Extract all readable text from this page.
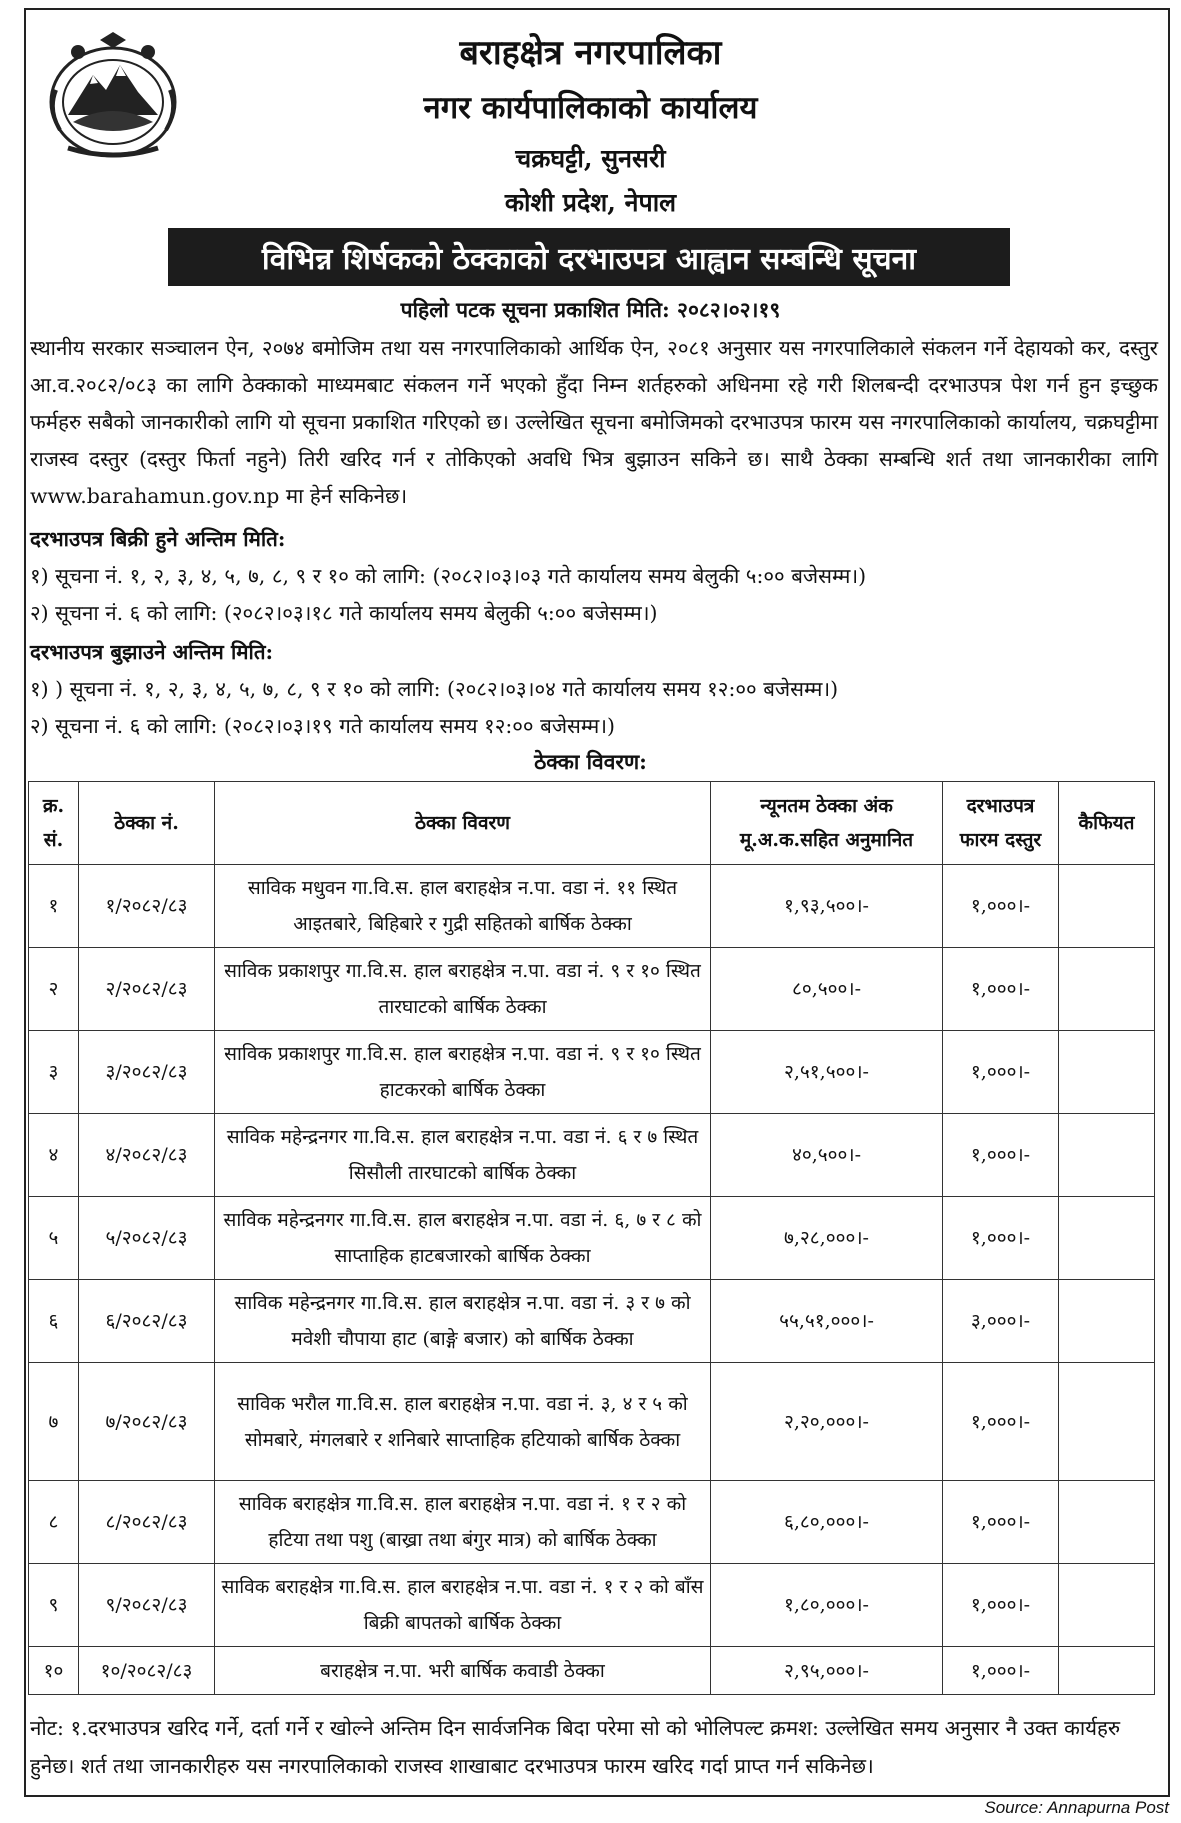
बराहक्षेत्र नगरपालिका
नगर कार्यपालिकाको कार्यालय
चक्रघट्टी, सुनसरी
कोशी प्रदेश, नेपाल
विभिन्न शिर्षकको ठेक्काको दरभाउपत्र आह्वान सम्बन्धि सूचना
पहिलो पटक सूचना प्रकाशित मिति: २०८२।०२।१९
स्थानीय सरकार सञ्चालन ऐन, २०७४ बमोजिम तथा यस नगरपालिकाको आर्थिक ऐन, २०८१ अनुसार यस नगरपालिकाले संकलन गर्ने देहायको कर, दस्तुर आ.व.२०८२/०८३ का लागि ठेक्काको माध्यमबाट संकलन गर्ने भएको हुँदा निम्न शर्तहरुको अधिनमा रहे गरी शिलबन्दी दरभाउपत्र पेश गर्न हुन इच्छुक फर्महरु सबैको जानकारीको लागि यो सूचना प्रकाशित गरिएको छ। उल्लेखित सूचना बमोजिमको दरभाउपत्र फारम यस नगरपालिकाको कार्यालय, चक्रघट्टीमा राजस्व दस्तुर (दस्तुर फिर्ता नहुने) तिरी खरिद गर्न र तोकिएको अवधि भित्र बुझाउन सकिने छ। साथै ठेक्का सम्बन्धि शर्त तथा जानकारीका लागि www.barahamun.gov.np मा हेर्न सकिनेछ।
दरभाउपत्र बिक्री हुने अन्तिम मिति:
१) सूचना नं. १, २, ३, ४, ५, ७, ८, ९ र १० को लागि: (२०८२।०३।०३ गते कार्यालय समय बेलुकी ५:०० बजेसम्म।)
२) सूचना नं. ६ को लागि: (२०८२।०३।१८ गते कार्यालय समय बेलुकी ५:०० बजेसम्म।)
दरभाउपत्र बुझाउने अन्तिम मिति:
१) ) सूचना नं. १, २, ३, ४, ५, ७, ८, ९ र १० को लागि: (२०८२।०३।०४ गते कार्यालय समय १२:०० बजेसम्म।)
२) सूचना नं. ६ को लागि: (२०८२।०३।१९ गते कार्यालय समय १२:०० बजेसम्म।)
ठेक्का विवरण:
क्र. सं.	ठेक्का नं.	ठेक्का विवरण	न्यूनतम ठेक्का अंक मू.अ.क.सहित अनुमानित	दरभाउपत्र फारम दस्तुर	कैफियत
१	१/२०८२/८३	साविक मधुवन गा.वि.स. हाल बराहक्षेत्र न.पा. वडा नं. ११ स्थित आइतबारे, बिहिबारे र गुद्री सहितको बार्षिक ठेक्का	१,९३,५००।-	१,०००।-	
२	२/२०८२/८३	साविक प्रकाशपुर गा.वि.स. हाल बराहक्षेत्र न.पा. वडा नं. ९ र १० स्थित तारघाटको बार्षिक ठेक्का	८०,५००।-	१,०००।-	
३	३/२०८२/८३	साविक प्रकाशपुर गा.वि.स. हाल बराहक्षेत्र न.पा. वडा नं. ९ र १० स्थित हाटकरको बार्षिक ठेक्का	२,५१,५००।-	१,०००।-	
४	४/२०८२/८३	साविक महेन्द्रनगर गा.वि.स. हाल बराहक्षेत्र न.पा. वडा नं. ६ र ७ स्थित सिसौली तारघाटको बार्षिक ठेक्का	४०,५००।-	१,०००।-	
५	५/२०८२/८३	साविक महेन्द्रनगर गा.वि.स. हाल बराहक्षेत्र न.पा. वडा नं. ६, ७ र ८ को साप्ताहिक हाटबजारको बार्षिक ठेक्का	७,२८,०००।-	१,०००।-	
६	६/२०८२/८३	साविक महेन्द्रनगर गा.वि.स. हाल बराहक्षेत्र न.पा. वडा नं. ३ र ७ को मवेशी चौपाया हाट (बाङ्गे बजार) को बार्षिक ठेक्का	५५,५१,०००।-	३,०००।-	
७	७/२०८२/८३	साविक भरौल गा.वि.स. हाल बराहक्षेत्र न.पा. वडा नं. ३, ४ र ५ को सोमबारे, मंगलबारे र शनिबारे साप्ताहिक हटियाको बार्षिक ठेक्का	२,२०,०००।-	१,०००।-	
८	८/२०८२/८३	साविक बराहक्षेत्र गा.वि.स. हाल बराहक्षेत्र न.पा. वडा नं. १ र २ को हटिया तथा पशु (बाख्रा तथा बंगुर मात्र) को बार्षिक ठेक्का	६,८०,०००।-	१,०००।-	
९	९/२०८२/८३	साविक बराहक्षेत्र गा.वि.स. हाल बराहक्षेत्र न.पा. वडा नं. १ र २ को बाँस बिक्री बापतको बार्षिक ठेक्का	१,८०,०००।-	१,०००।-	
१०	१०/२०८२/८३	बराहक्षेत्र न.पा. भरी बार्षिक कवाडी ठेक्का	२,९५,०००।-	१,०००।-	
नोट: १.दरभाउपत्र खरिद गर्ने, दर्ता गर्ने र खोल्ने अन्तिम दिन सार्वजनिक बिदा परेमा सो को भोलिपल्ट क्रमश: उल्लेखित समय अनुसार नै उक्त कार्यहरु हुनेछ। शर्त तथा जानकारीहरु यस नगरपालिकाको राजस्व शाखाबाट दरभाउपत्र फारम खरिद गर्दा प्राप्त गर्न सकिनेछ।
Source: Annapurna Post
